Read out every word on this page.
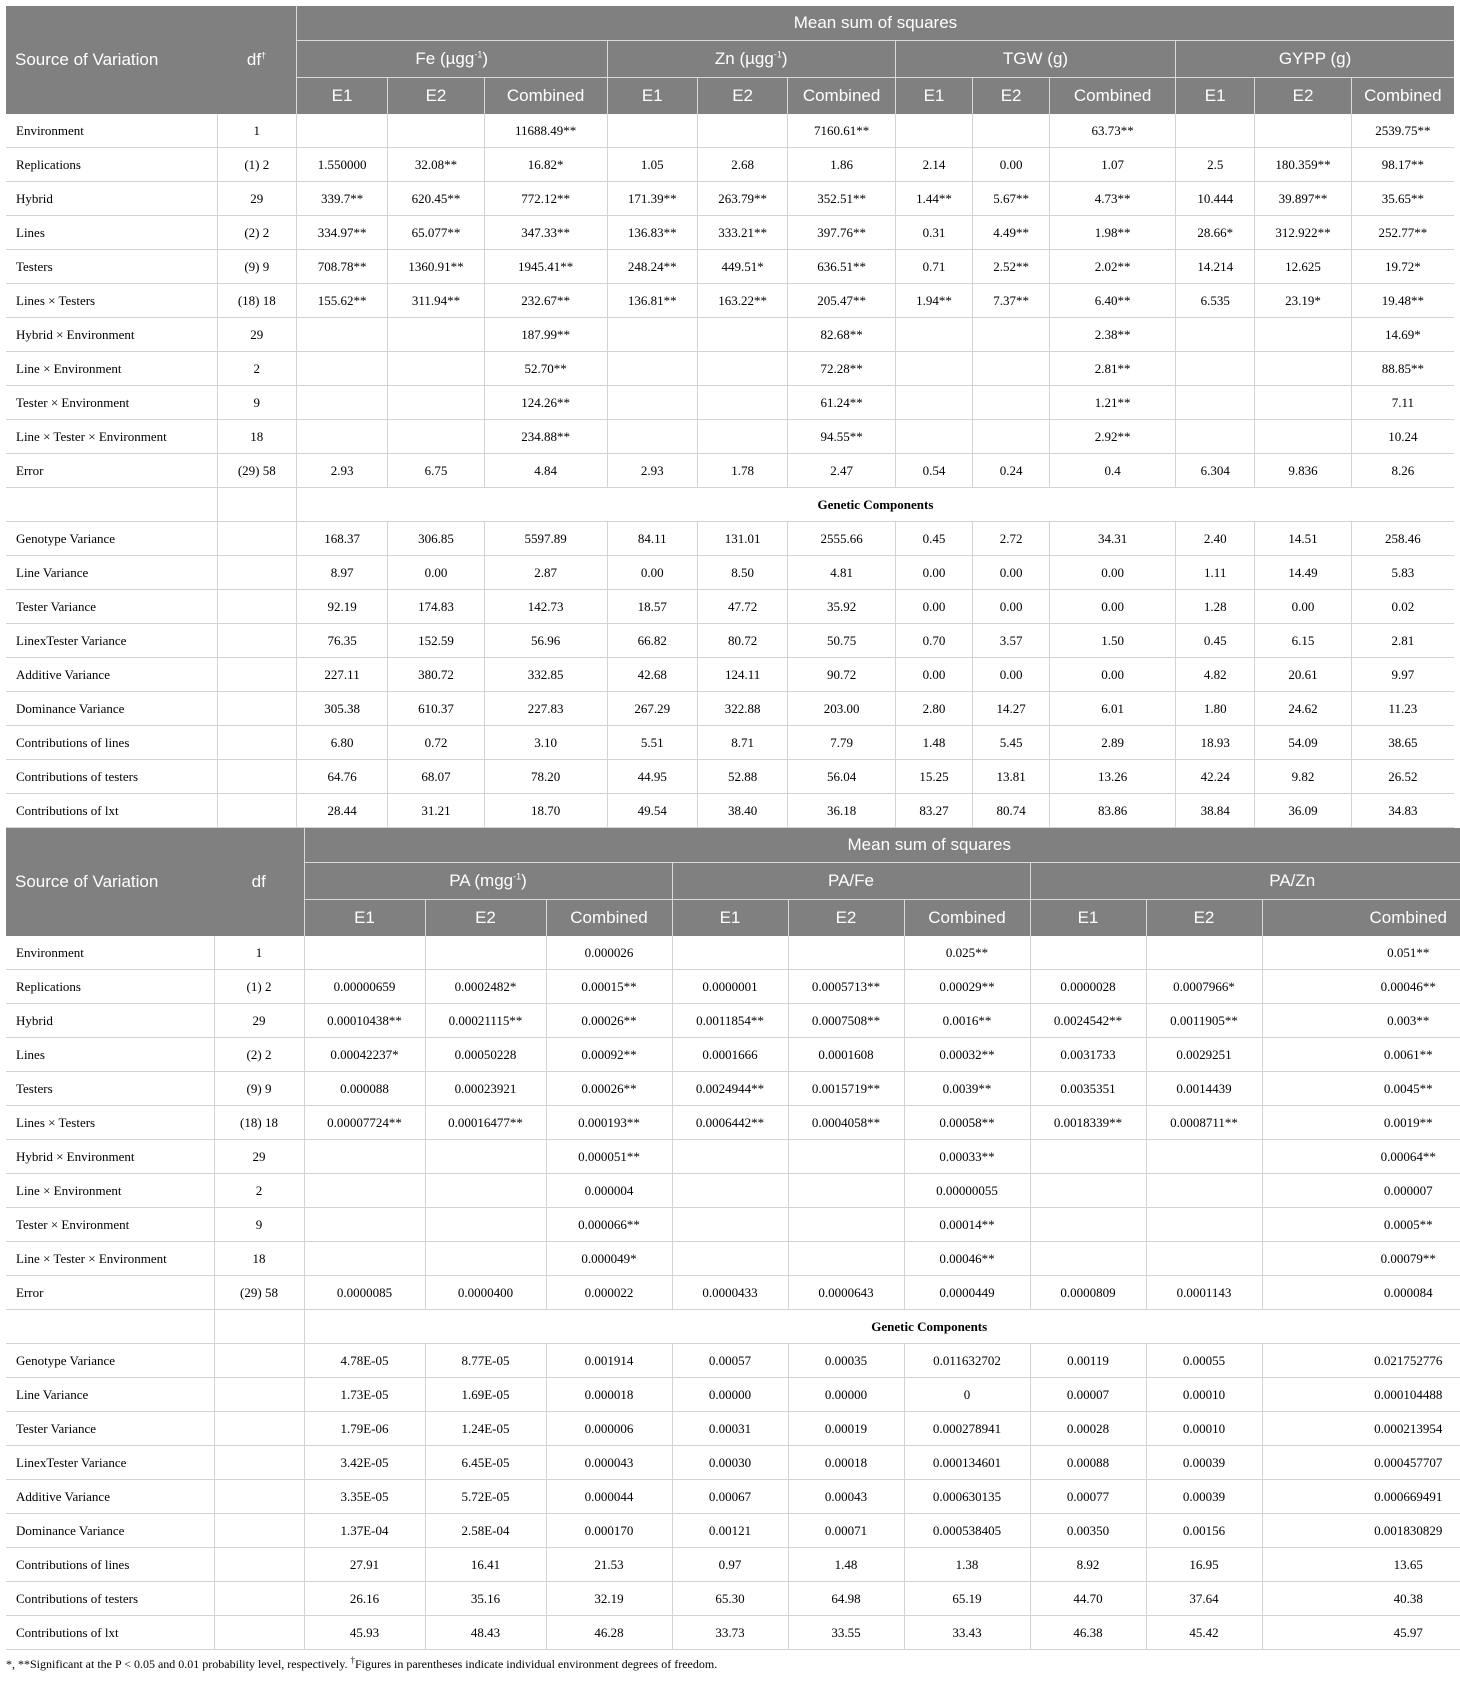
Source of Variation	df†	Mean sum of squares											
		Fe (µgg$^{-1}$)			Zn (µgg$^{-1}$)			TGW (g)			GYPP (g)		
		E1	E2	Combined	E1	E2	Combined	E1	E2	Combined	E1	E2	Combined
Environment	1			11688.49**			7160.61**			63.73**			2539.75**
Replications	(1) 2	1.550000	32.08**	16.82*	1.05	2.68	1.86	2.14	0.00	1.07	2.5	180.359**	98.17**
Hybrid	29	339.7**	620.45**	772.12**	171.39**	263.79**	352.51**	1.44**	5.67**	4.73**	10.444	39.897**	35.65**
Lines	(2) 2	334.97**	65.077**	347.33**	136.83**	333.21**	397.76**	0.31	4.49**	1.98**	28.66*	312.922**	252.77**
Testers	(9) 9	708.78**	1360.91**	1945.41**	248.24**	449.51*	636.51**	0.71	2.52**	2.02**	14.214	12.625	19.72*
Lines × Testers	(18) 18	155.62**	311.94**	232.67**	136.81**	163.22**	205.47**	1.94**	7.37**	6.40**	6.535	23.19*	19.48**
Hybrid × Environment	29			187.99**			82.68**			2.38**			14.69*
Line × Environment	2			52.70**			72.28**			2.81**			88.85**
Tester × Environment	9			124.26**			61.24**			1.21**			7.11
Line × Tester × Environment	18			234.88**			94.55**			2.92**			10.24
Error	(29) 58	2.93	6.75	4.84	2.93	1.78	2.47	0.54	0.24	0.4	6.304	9.836	8.26
		Genetic Components											
Genotype Variance		168.37	306.85	5597.89	84.11	131.01	2555.66	0.45	2.72	34.31	2.40	14.51	258.46
Line Variance		8.97	0.00	2.87	0.00	8.50	4.81	0.00	0.00	0.00	1.11	14.49	5.83
Tester Variance		92.19	174.83	142.73	18.57	47.72	35.92	0.00	0.00	0.00	1.28	0.00	0.02
LinexTester Variance		76.35	152.59	56.96	66.82	80.72	50.75	0.70	3.57	1.50	0.45	6.15	2.81
Additive Variance		227.11	380.72	332.85	42.68	124.11	90.72	0.00	0.00	0.00	4.82	20.61	9.97
Dominance Variance		305.38	610.37	227.83	267.29	322.88	203.00	2.80	14.27	6.01	1.80	24.62	11.23
Contributions of lines		6.80	0.72	3.10	5.51	8.71	7.79	1.48	5.45	2.89	18.93	54.09	38.65
Contributions of testers		64.76	68.07	78.20	44.95	52.88	56.04	15.25	13.81	13.26	42.24	9.82	26.52
Contributions of lxt		28.44	31.21	18.70	49.54	38.40	36.18	83.27	80.74	83.86	38.84	36.09	34.83
Source of Variation	df	Mean sum of squares								
		PA (mgg$^{-1}$)			PA/Fe			PA/Zn		
		E1	E2	Combined	E1	E2	Combined	E1	E2	Combined
Environment	1			0.000026			0.025**			0.051**
Replications	(1) 2	0.00000659	0.0002482*	0.00015**	0.0000001	0.0005713**	0.00029**	0.0000028	0.0007966*	0.00046**
Hybrid	29	0.00010438**	0.00021115**	0.00026**	0.0011854**	0.0007508**	0.0016**	0.0024542**	0.0011905**	0.003**
Lines	(2) 2	0.00042237*	0.00050228	0.00092**	0.0001666	0.0001608	0.00032**	0.0031733	0.0029251	0.0061**
Testers	(9) 9	0.000088	0.00023921	0.00026**	0.0024944**	0.0015719**	0.0039**	0.0035351	0.0014439	0.0045**
Lines × Testers	(18) 18	0.00007724**	0.00016477**	0.000193**	0.0006442**	0.0004058**	0.00058**	0.0018339**	0.0008711**	0.0019**
Hybrid × Environment	29			0.000051**			0.00033**			0.00064**
Line × Environment	2			0.000004			0.00000055			0.000007
Tester × Environment	9			0.000066**			0.00014**			0.0005**
Line × Tester × Environment	18			0.000049*			0.00046**			0.00079**
Error	(29) 58	0.0000085	0.0000400	0.000022	0.0000433	0.0000643	0.0000449	0.0000809	0.0001143	0.000084
		Genetic Components								
Genotype Variance		4.78E-05	8.77E-05	0.001914	0.00057	0.00035	0.011632702	0.00119	0.00055	0.021752776
Line Variance		1.73E-05	1.69E-05	0.000018	0.00000	0.00000	0	0.00007	0.00010	0.000104488
Tester Variance		1.79E-06	1.24E-05	0.000006	0.00031	0.00019	0.000278941	0.00028	0.00010	0.000213954
LinexTester Variance		3.42E-05	6.45E-05	0.000043	0.00030	0.00018	0.000134601	0.00088	0.00039	0.000457707
Additive Variance		3.35E-05	5.72E-05	0.000044	0.00067	0.00043	0.000630135	0.00077	0.00039	0.000669491
Dominance Variance		1.37E-04	2.58E-04	0.000170	0.00121	0.00071	0.000538405	0.00350	0.00156	0.001830829
Contributions of lines		27.91	16.41	21.53	0.97	1.48	1.38	8.92	16.95	13.65
Contributions of testers		26.16	35.16	32.19	65.30	64.98	65.19	44.70	37.64	40.38
Contributions of lxt		45.93	48.43	46.28	33.73	33.55	33.43	46.38	45.42	45.97
*, **Significant at the P < 0.05 and 0.01 probability level, respectively. †Figures in parentheses indicate individual environment degrees of freedom.
